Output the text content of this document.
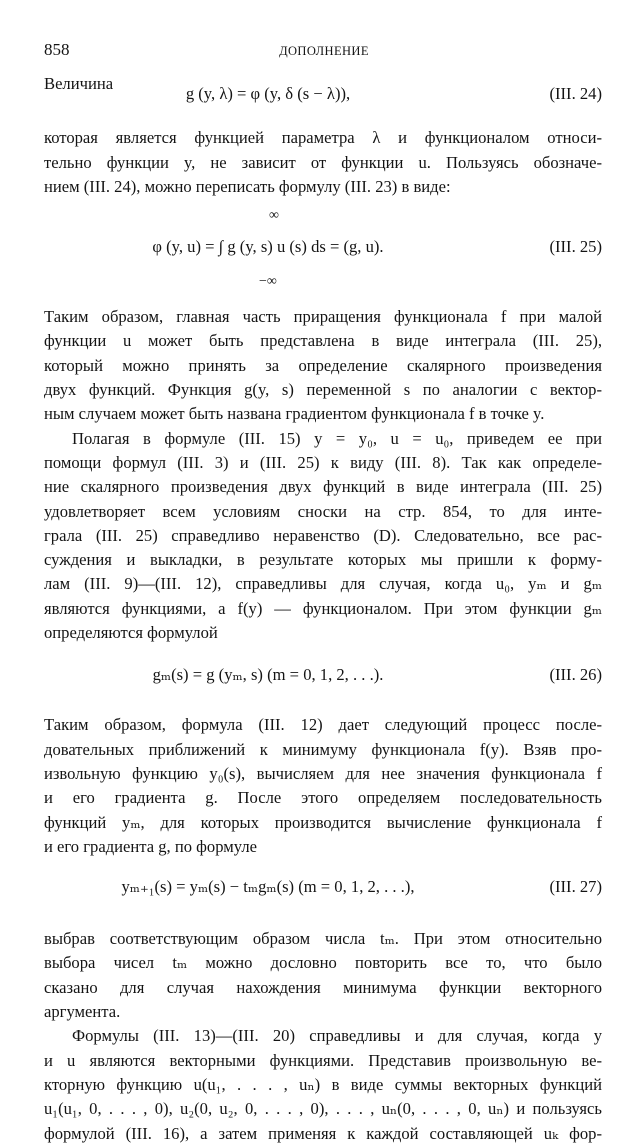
858	ДОПОЛНЕНИЕ
Величина
g (y, λ) = φ (y, δ (s − λ)),	(III. 24)
которая является функцией параметра λ и функционалом относи-
тельно функции y, не зависит от функции u. Пользуясь обозначе-
нием (III. 24), можно переписать формулу (III. 23) в виде:
∞
−∞
φ (y, u) = ∫ g (y, s) u (s) ds = (g, u).	(III. 25)
Таким образом, главная часть приращения функционала f при малой
функции u может быть представлена в виде интеграла (III. 25),
который можно принять за определение скалярного произведения
двух функций. Функция g(y, s) переменной s по аналогии с вектор-
ным случаем может быть названа градиентом функционала f в точке y.
Полагая в формуле (III. 15) y = y₀, u = u₀, приведем ее при
помощи формул (III. 3) и (III. 25) к виду (III. 8). Так как определе-
ние скалярного произведения двух функций в виде интеграла (III. 25)
удовлетворяет всем условиям сноски на стр. 854, то для инте-
грала (III. 25) справедливо неравенство (D). Следовательно, все рас-
суждения и выкладки, в результате которых мы пришли к форму-
лам (III. 9)—(III. 12), справедливы для случая, когда u₀, yₘ и gₘ
являются функциями, а f(y) — функционалом. При этом функции gₘ
определяются формулой
gₘ(s) = g (yₘ, s) (m = 0, 1, 2, . . .).	(III. 26)
Таким образом, формула (III. 12) дает следующий процесс после-
довательных приближений к минимуму функционала f(y). Взяв про-
извольную функцию y₀(s), вычисляем для нее значения функционала f
и его градиента g. После этого определяем последовательность
функций yₘ, для которых производится вычисление функционала f
и его градиента g, по формуле
yₘ₊₁(s) = yₘ(s) − tₘgₘ(s) (m = 0, 1, 2, . . .),	(III. 27)
выбрав соответствующим образом числа tₘ. При этом относительно
выбора чисел tₘ можно дословно повторить все то, что было
сказано для случая нахождения минимума функции векторного
аргумента.
Формулы (III. 13)—(III. 20) справедливы и для случая, когда y
и u являются векторными функциями. Представив произвольную ве-
кторную функцию u(u₁, . . . , uₙ) в виде суммы векторных функций
u₁(u₁, 0, . . . , 0), u₂(0, u₂, 0, . . . , 0), . . . , uₙ(0, . . . , 0, uₙ) и пользуясь
формулой (III. 16), а затем применяя к каждой составляющей uₖ фор-
